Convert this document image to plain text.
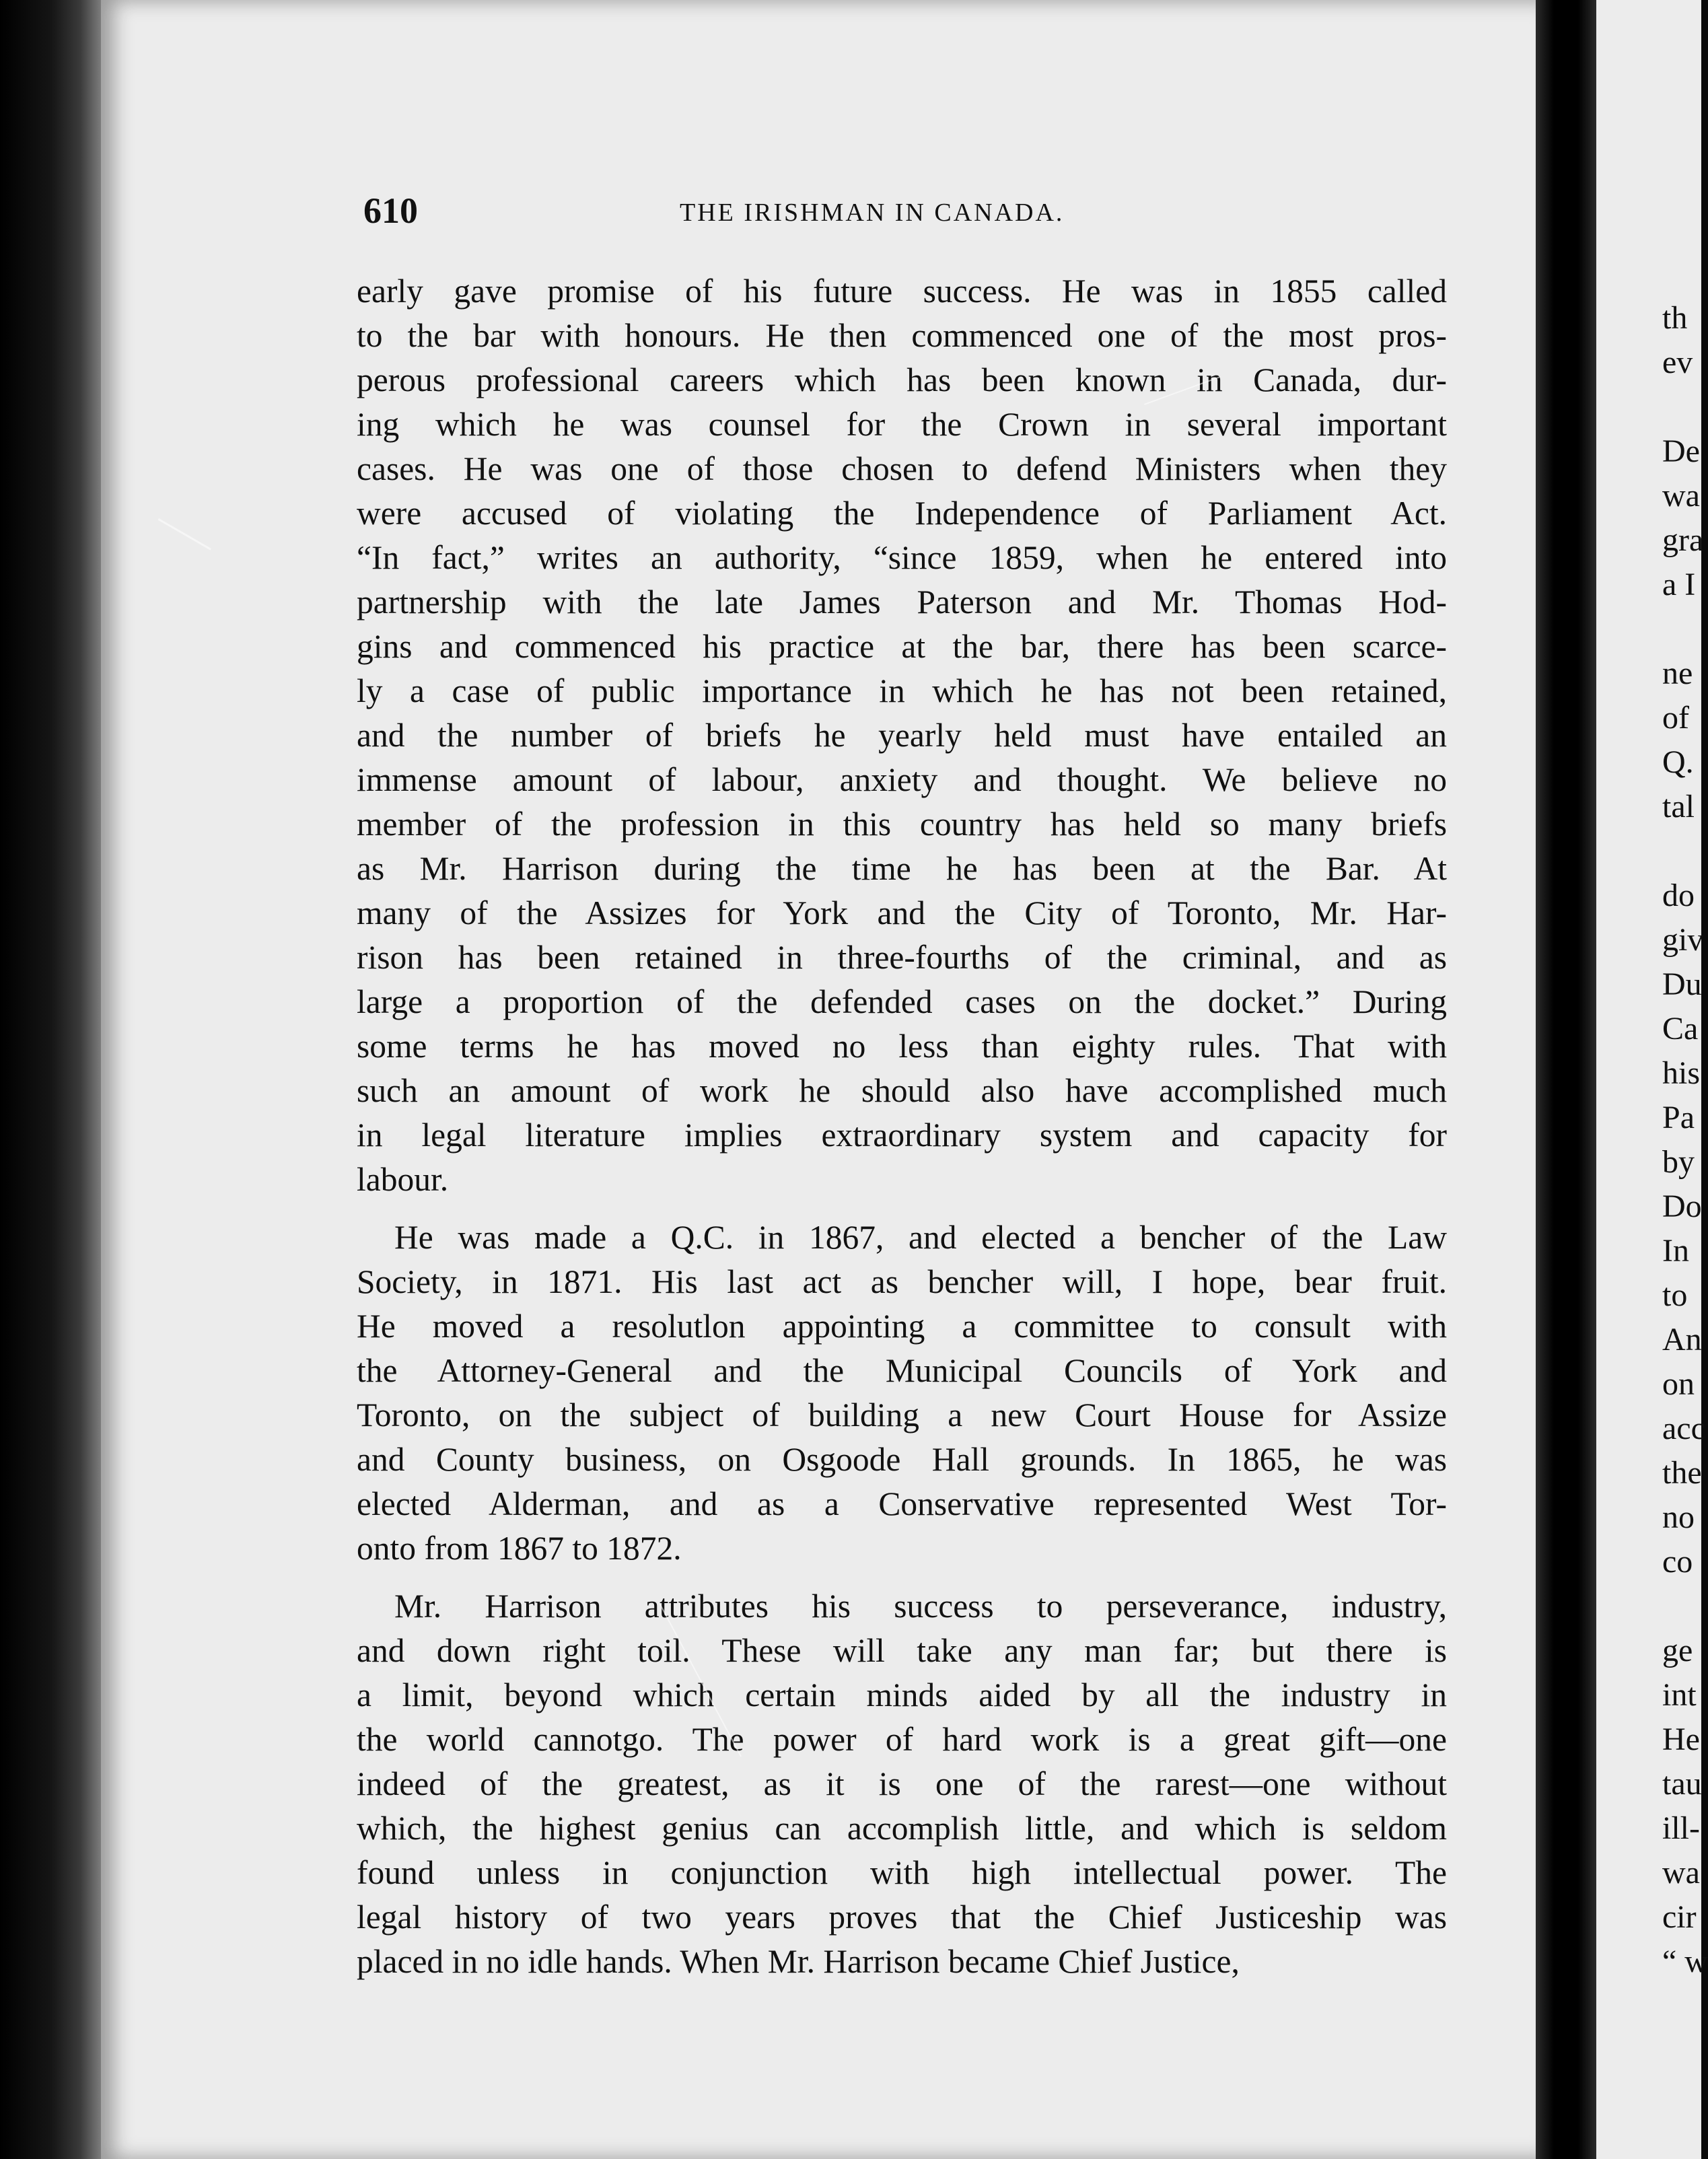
610	THE IRISHMAN IN CANADA.
early gave promise of his future success. He was in 1855 called
to the bar with honours. He then commenced one of the most pros-
perous professional careers which has been known in Canada, dur-
ing which he was counsel for the Crown in several important
cases. He was one of those chosen to defend Ministers when they
were accused of violating the Independence of Parliament Act.
“In fact,” writes an authority, “since 1859, when he entered into
partnership with the late James Paterson and Mr. Thomas Hod-
gins and commenced his practice at the bar, there has been scarce-
ly a case of public importance in which he has not been retained,
and the number of briefs he yearly held must have entailed an
immense amount of labour, anxiety and thought. We believe no
member of the profession in this country has held so many briefs
as Mr. Harrison during the time he has been at the Bar. At
many of the Assizes for York and the City of Toronto, Mr. Har-
rison has been retained in three-fourths of the criminal, and as
large a proportion of the defended cases on the docket.” During
some terms he has moved no less than eighty rules. That with
such an amount of work he should also have accomplished much
in legal literature implies extraordinary system and capacity for
labour.
He was made a Q.C. in 1867, and elected a bencher of the Law
Society, in 1871. His last act as bencher will, I hope, bear fruit.
He moved a resolutlon appointing a committee to consult with
the Attorney-General and the Municipal Councils of York and
Toronto, on the subject of building a new Court House for Assize
and County business, on Osgoode Hall grounds. In 1865, he was
elected Alderman, and as a Conservative represented West Tor-
onto from 1867 to 1872.
Mr. Harrison attributes his success to perseverance, industry,
and down right toil. These will take any man far; but there is
a limit, beyond which certain minds aided by all the industry in
the world cannotgo. The power of hard work is a great gift—one
indeed of the greatest, as it is one of the rarest—one without
which, the highest genius can accomplish little, and which is seldom
found unless in conjunction with high intellectual power. The
legal history of two years proves that the Chief Justiceship was
placed in no idle hands. When Mr. Harrison became Chief Justice,
th
ev
De
wa
gra
a I
ne
of
Q.
tal
do
giv
Du
Ca
his
Pa
by
Do
In
to
An
on
acc
the
no
co
ge
int
He
tau
ill-
wa
cir
“ w
